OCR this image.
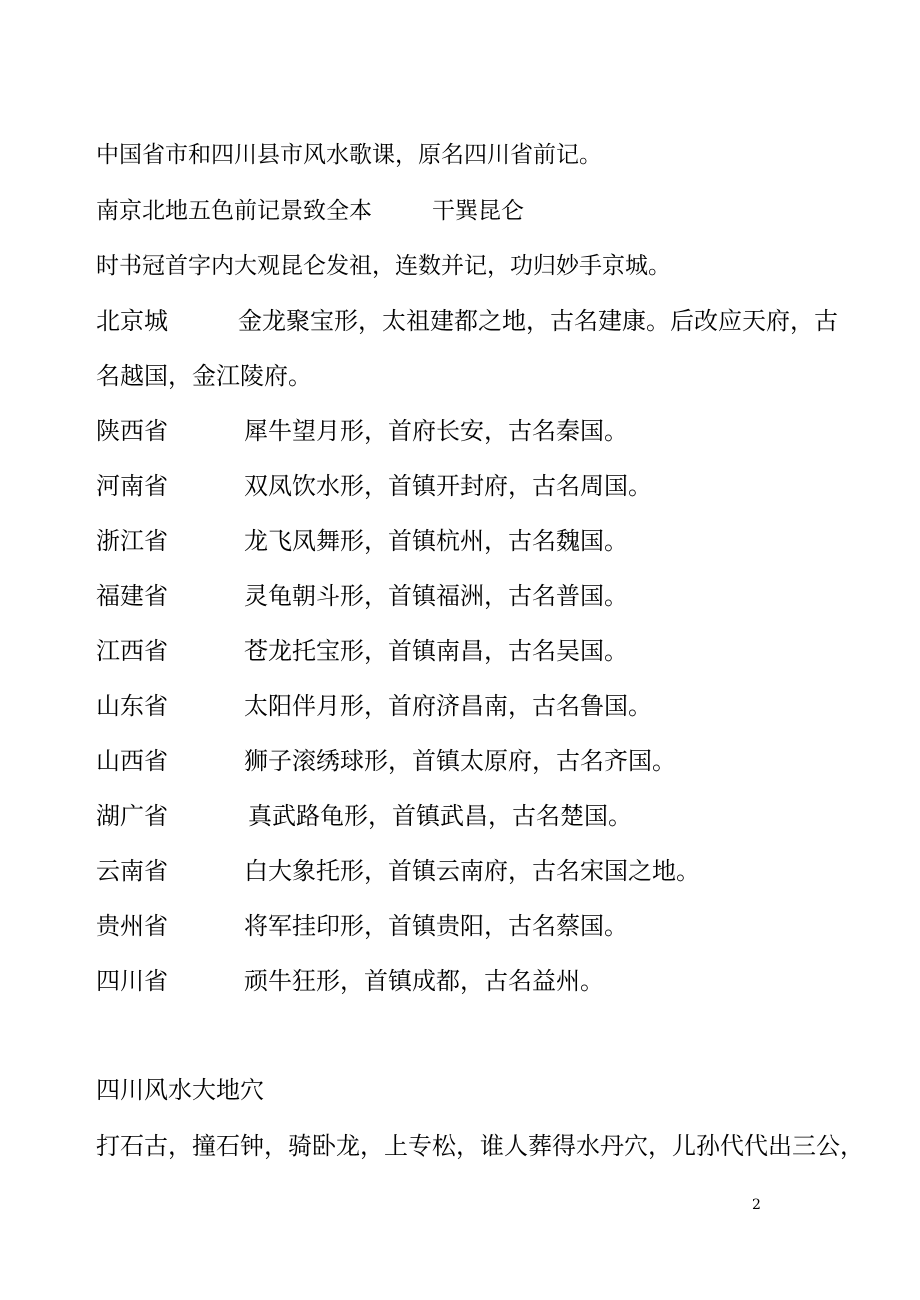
中国省市和四川县市风水歌课，原名四川省前记。
南京北地五色前记景致全本	干巽昆仑
时书冠首字内大观昆仑发祖，连数并记，功归妙手京城。
北京城	金龙聚宝形，太祖建都之地，古名建康。后改应天府，古
名越国，金江陵府。
陕西省	犀牛望月形，首府长安，古名秦国。
河南省	双凤饮水形，首镇开封府，古名周国。
浙江省	龙飞凤舞形，首镇杭州，古名魏国。
福建省	灵龟朝斗形，首镇福洲，古名普国。
江西省	苍龙托宝形，首镇南昌，古名吴国。
山东省	太阳伴月形，首府济昌南，古名鲁国。
山西省	狮子滚绣球形，首镇太原府，古名齐国。
湖广省	真武路龟形，首镇武昌，古名楚国。
云南省	白大象托形，首镇云南府，古名宋国之地。
贵州省	将军挂印形，首镇贵阳，古名蔡国。
四川省	顽牛狂形，首镇成都，古名益州。
四川风水大地穴
打石古，撞石钟，骑卧龙，上专松，谁人葬得水丹穴，儿孙代代出三公，
2
